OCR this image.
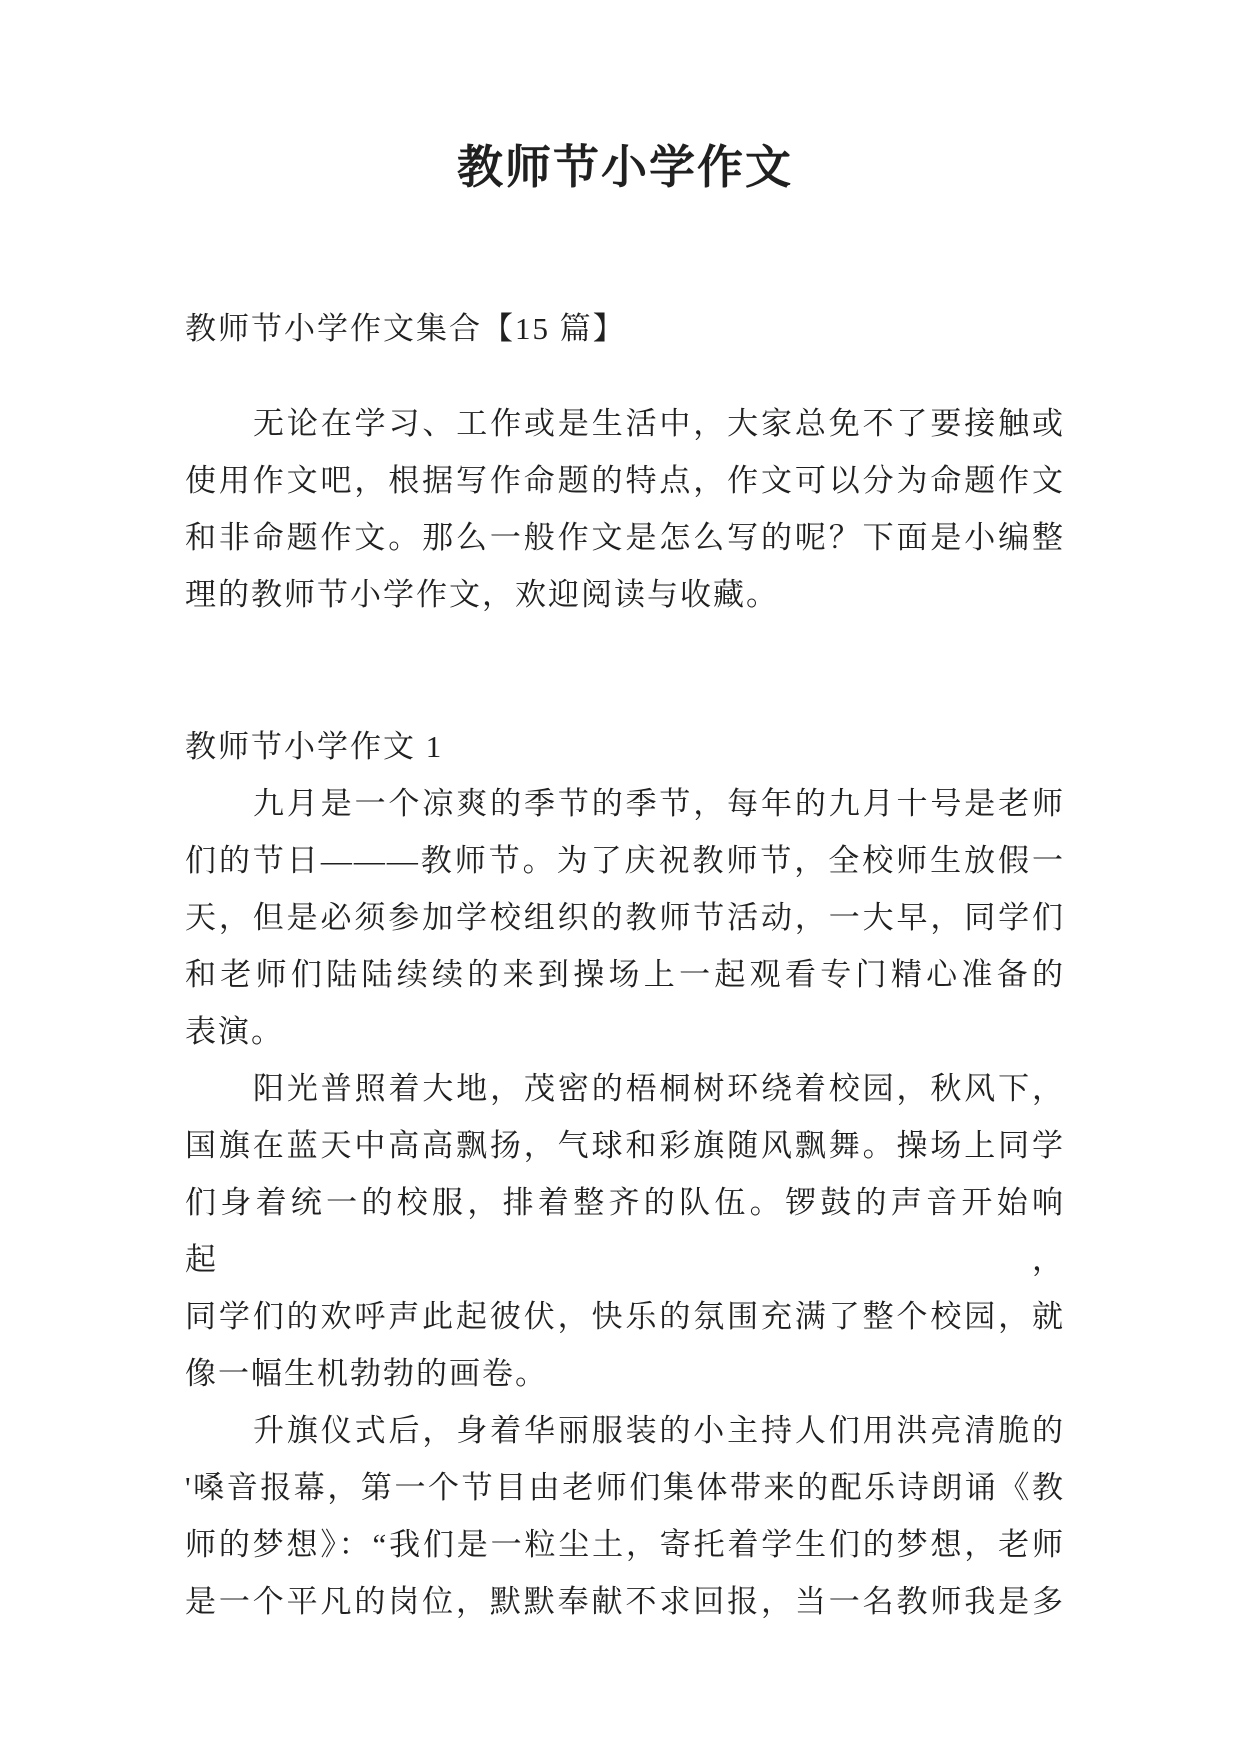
教师节小学作文
教师节小学作文集合【15 篇】
无论在学习、工作或是生活中，大家总免不了要接触或
使用作文吧，根据写作命题的特点，作文可以分为命题作文
和非命题作文。那么一般作文是怎么写的呢？下面是小编整
理的教师节小学作文，欢迎阅读与收藏。
教师节小学作文 1
九月是一个凉爽的季节的季节，每年的九月十号是老师
们的节日———教师节。为了庆祝教师节，全校师生放假一
天，但是必须参加学校组织的教师节活动，一大早，同学们
和老师们陆陆续续的来到操场上一起观看专门精心准备的
表演。
阳光普照着大地，茂密的梧桐树环绕着校园，秋风下，
国旗在蓝天中高高飘扬，气球和彩旗随风飘舞。操场上同学
们身着统一的校服，排着整齐的队伍。锣鼓的声音开始响起，
同学们的欢呼声此起彼伏，快乐的氛围充满了整个校园，就
像一幅生机勃勃的画卷。
升旗仪式后，身着华丽服装的小主持人们用洪亮清脆的
'嗓音报幕，第一个节目由老师们集体带来的配乐诗朗诵《教
师的梦想》：“我们是一粒尘土，寄托着学生们的梦想，老师
是一个平凡的岗位，默默奉献不求回报，当一名教师我是多
